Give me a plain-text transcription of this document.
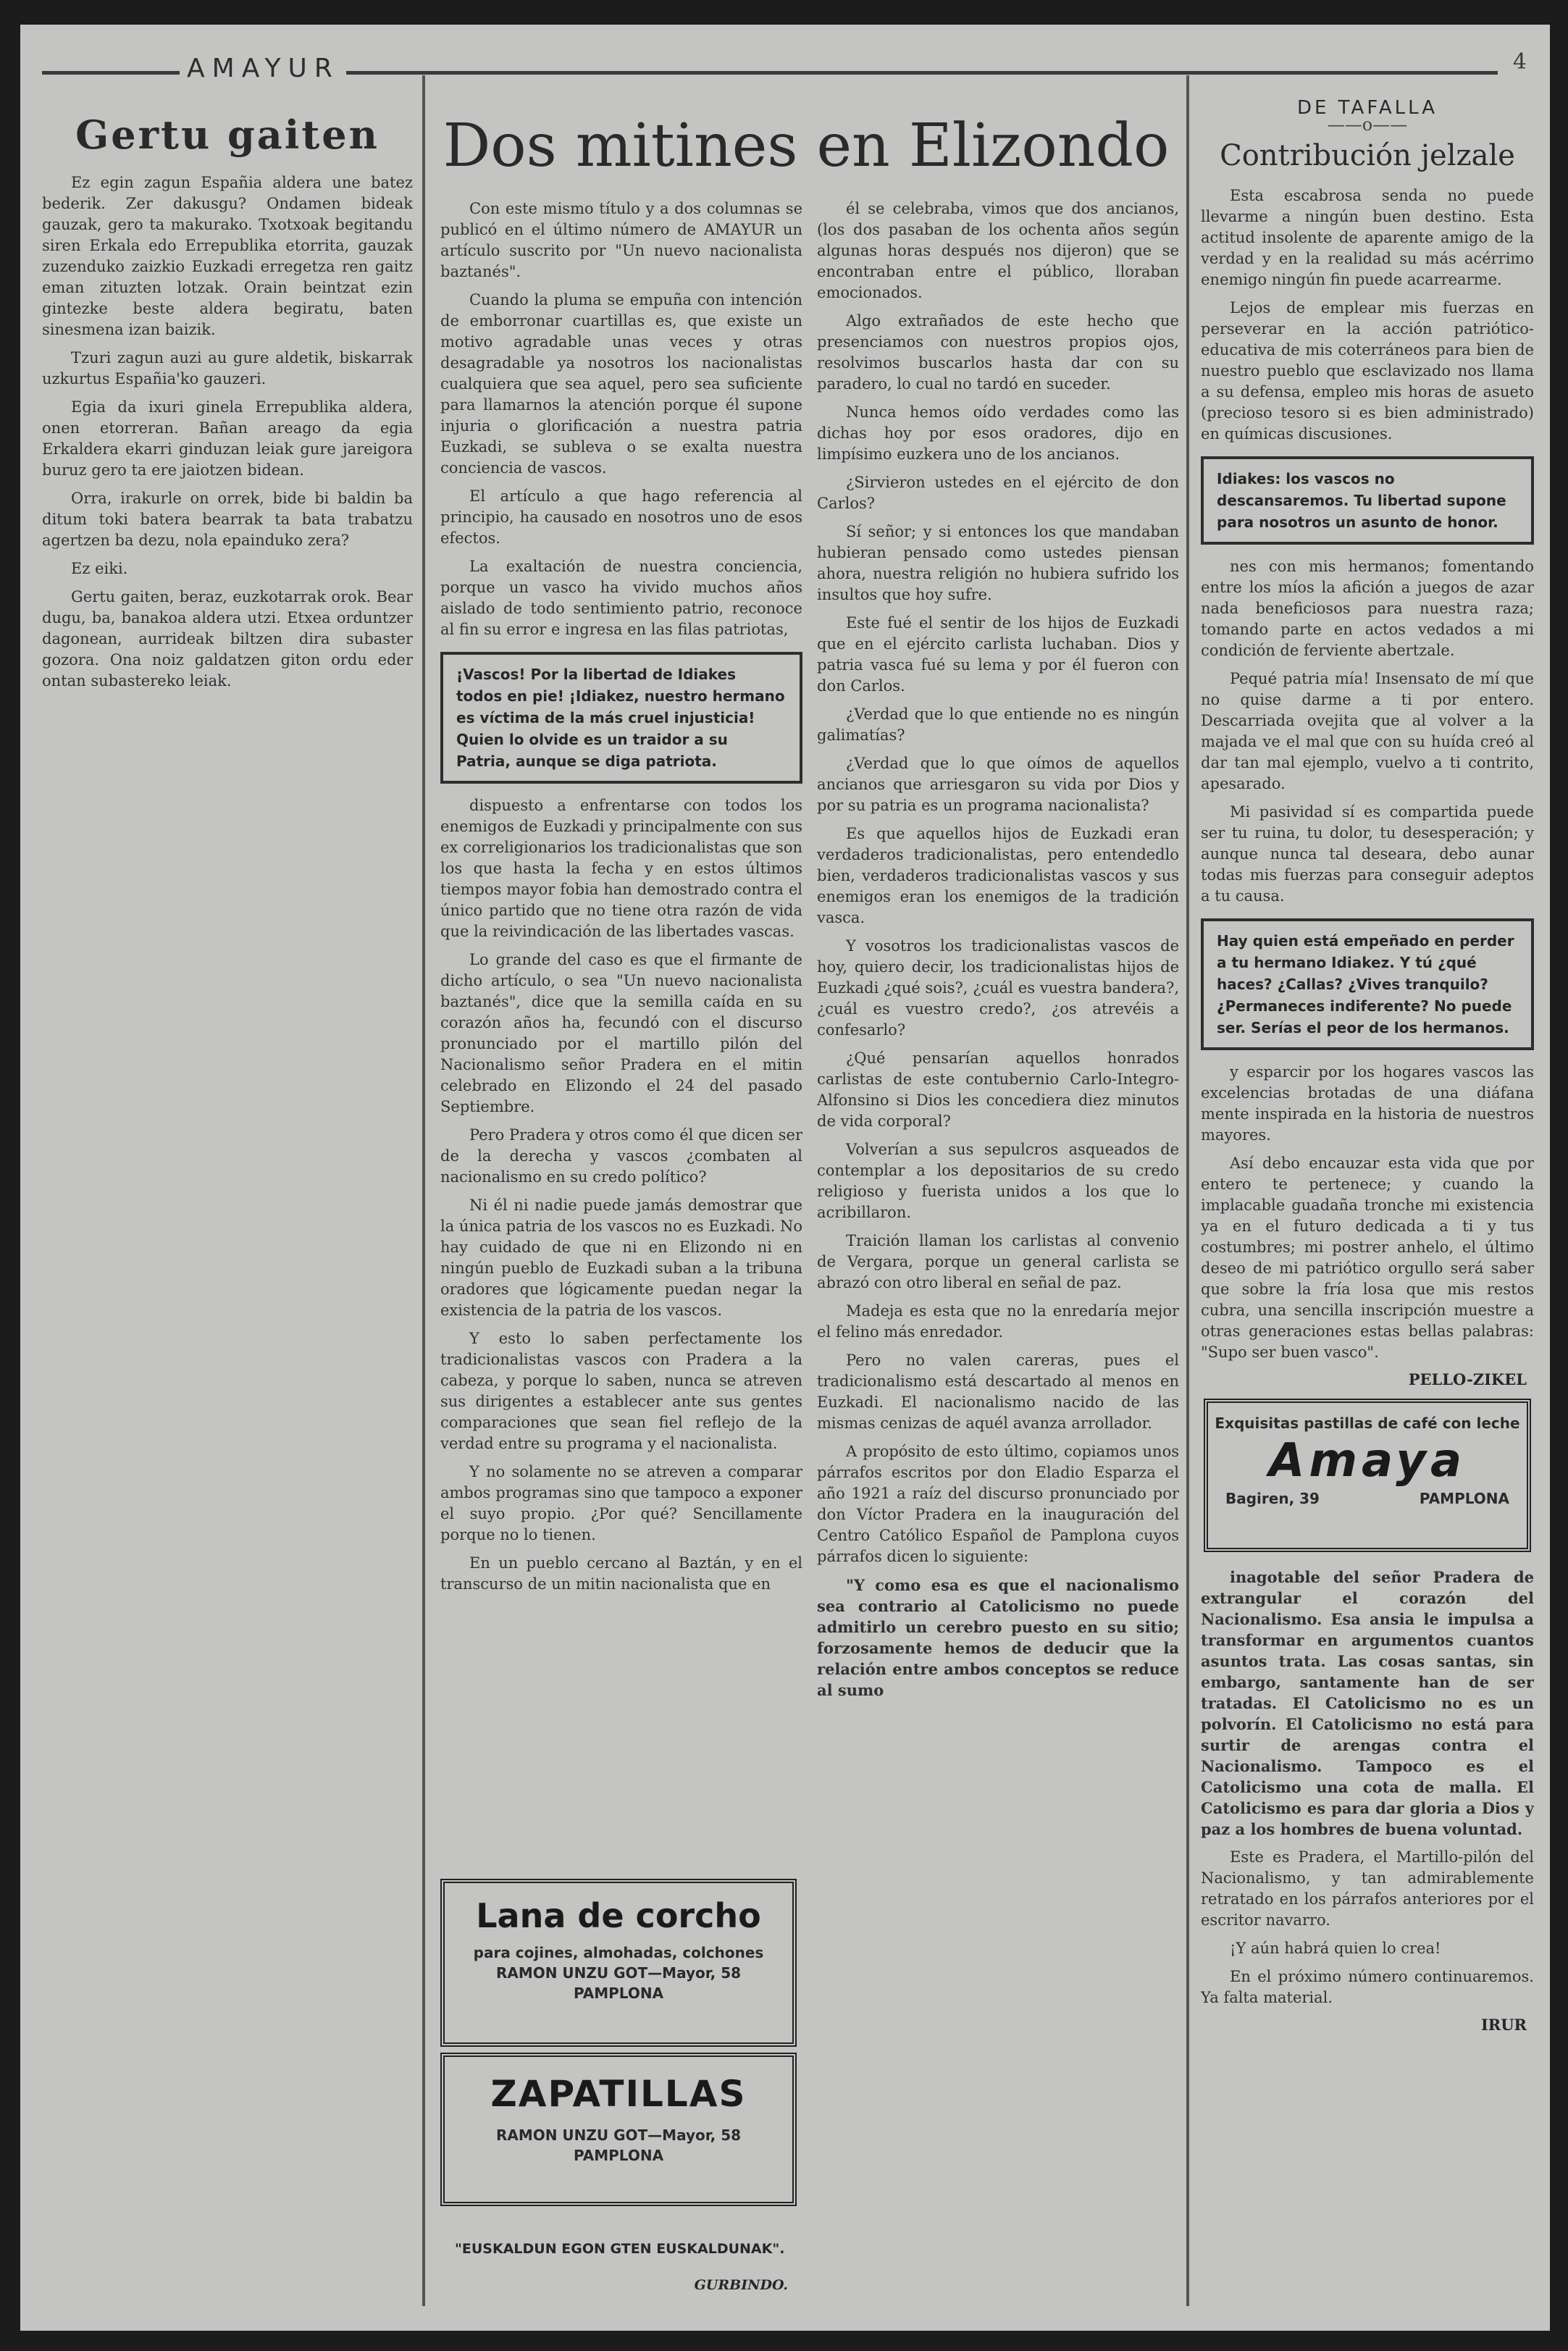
AMAYUR	4
Gertu gaiten

Ez egin zagun Españia aldera une batez bederik. Zer dakusgu? Ondamen bideak gauzak, gero ta makurako. Txotxoak begitandu siren Erkala edo Errepublika etorrita, gauzak zuzenduko zaizkio Euzkadi erregetza ren gaitz eman zituzten lotzak. Orain beintzat ezin gintezke beste aldera begiratu, baten sinesmena izan baizik.

Tzuri zagun auzi au gure aldetik, biskarrak uzkurtus Españia'ko gauzeri.

Egia da ixuri ginela Errepublika aldera, onen etorreran. Bañan areago da egia Erkaldera ekarri ginduzan leiak gure jareigora buruz gero ta ere jaiotzen bidean.

Orra, irakurle on orrek, bide bi baldin ba ditum toki batera bearrak ta bata trabatzu agertzen ba dezu, nola epainduko zera?

Ez eiki.

Gertu gaiten, beraz, euzkotarrak orok. Bear dugu, ba, banakoa aldera utzi. Etxea orduntzer dagonean, aurrideak biltzen dira subaster gozora. Ona noiz galdatzen giton ordu eder ontan subastereko leiak.

Dos mitines en Elizondo

Con este mismo título y a dos columnas se publicó en el último número de AMAYUR un artículo suscrito por "Un nuevo nacionalista baztanés".

Cuando la pluma se empuña con intención de emborronar cuartillas es, que existe un motivo agradable unas veces y otras desagradable ya nosotros los nacionalistas cualquiera que sea aquel, pero sea suficiente para llamarnos la atención porque él supone injuria o glorificación a nuestra patria Euzkadi, se subleva o se exalta nuestra conciencia de vascos.

El artículo a que hago referencia al principio, ha causado en nosotros uno de esos efectos.

La exaltación de nuestra conciencia, porque un vasco ha vivido muchos años aislado de todo sentimiento patrio, reconoce al fin su error e ingresa en las filas patriotas,

¡Vascos! Por la libertad de Idiakes todos en pie! ¡Idiakez, nuestro hermano es víctima de la más cruel injusticia! Quien lo olvide es un traidor a su Patria, aunque se diga patriota.

dispuesto a enfrentarse con todos los enemigos de Euzkadi y principalmente con sus ex correligionarios los tradicionalistas que son los que hasta la fecha y en estos últimos tiempos mayor fobia han demostrado contra el único partido que no tiene otra razón de vida que la reivindicación de las libertades vascas.

Lo grande del caso es que el firmante de dicho artículo, o sea "Un nuevo nacionalista baztanés", dice que la semilla caída en su corazón años ha, fecundó con el discurso pronunciado por el martillo pilón del Nacionalismo señor Pradera en el mitin celebrado en Elizondo el 24 del pasado Septiembre.

Pero Pradera y otros como él que dicen ser de la derecha y vascos ¿combaten al nacionalismo en su credo político?

Ni él ni nadie puede jamás demostrar que la única patria de los vascos no es Euzkadi. No hay cuidado de que ni en Elizondo ni en ningún pueblo de Euzkadi suban a la tribuna oradores que lógicamente puedan negar la existencia de la patria de los vascos.

Y esto lo saben perfectamente los tradicionalistas vascos con Pradera a la cabeza, y porque lo saben, nunca se atreven sus dirigentes a establecer ante sus gentes comparaciones que sean fiel reflejo de la verdad entre su programa y el nacionalista.

Y no solamente no se atreven a comparar ambos programas sino que tampoco a exponer el suyo propio. ¿Por qué? Sencillamente porque no lo tienen.

En un pueblo cercano al Baztán, y en el transcurso de un mitin nacionalista que en

Lana de corcho
para cojines, almohadas, colchones
RAMON UNZU GOT—Mayor, 58
PAMPLONA
ZAPATILLAS
RAMON UNZU GOT—Mayor, 58
PAMPLONA
"EUSKALDUN EGON GTEN EUSKALDUNAK".
GURBINDO.

él se celebraba, vimos que dos ancianos, (los dos pasaban de los ochenta años según algunas horas después nos dijeron) que se encontraban entre el público, lloraban emocionados.

Algo extrañados de este hecho que presenciamos con nuestros propios ojos, resolvimos buscarlos hasta dar con su paradero, lo cual no tardó en suceder.

Nunca hemos oído verdades como las dichas hoy por esos oradores, dijo en limpísimo euzkera uno de los ancianos.

¿Sirvieron ustedes en el ejército de don Carlos?

Sí señor; y si entonces los que mandaban hubieran pensado como ustedes piensan ahora, nuestra religión no hubiera sufrido los insultos que hoy sufre.

Este fué el sentir de los hijos de Euzkadi que en el ejército carlista luchaban. Dios y patria vasca fué su lema y por él fueron con don Carlos.

¿Verdad que lo que entiende no es ningún galimatías?

¿Verdad que lo que oímos de aquellos ancianos que arriesgaron su vida por Dios y por su patria es un programa nacionalista?

Es que aquellos hijos de Euzkadi eran verdaderos tradicionalistas, pero entendedlo bien, verdaderos tradicionalistas vascos y sus enemigos eran los enemigos de la tradición vasca.

Y vosotros los tradicionalistas vascos de hoy, quiero decir, los tradicionalistas hijos de Euzkadi ¿qué sois?, ¿cuál es vuestra bandera?, ¿cuál es vuestro credo?, ¿os atrevéis a confesarlo?

¿Qué pensarían aquellos honrados carlistas de este contubernio Carlo-Integro-Alfonsino si Dios les concediera diez minutos de vida corporal?

Volverían a sus sepulcros asqueados de contemplar a los depositarios de su credo religioso y fuerista unidos a los que lo acribillaron.

Traición llaman los carlistas al convenio de Vergara, porque un general carlista se abrazó con otro liberal en señal de paz.

Madeja es esta que no la enredaría mejor el felino más enredador.

Pero no valen careras, pues el tradicionalismo está descartado al menos en Euzkadi. El nacionalismo nacido de las mismas cenizas de aquél avanza arrollador.

A propósito de esto último, copiamos unos párrafos escritos por don Eladio Esparza el año 1921 a raíz del discurso pronunciado por don Víctor Pradera en la inauguración del Centro Católico Español de Pamplona cuyos párrafos dicen lo siguiente:

"Y como esa es que el nacionalismo sea contrario al Catolicismo no puede admitirlo un cerebro puesto en su sitio; forzosamente hemos de deducir que la relación entre ambos conceptos se reduce al sumo

DE TAFALLA
——o——
Contribución jelzale

Esta escabrosa senda no puede llevarme a ningún buen destino. Esta actitud insolente de aparente amigo de la verdad y en la realidad su más acérrimo enemigo ningún fin puede acarrearme.

Lejos de emplear mis fuerzas en perseverar en la acción patriótico-educativa de mis coterráneos para bien de nuestro pueblo que esclavizado nos llama a su defensa, empleo mis horas de asueto (precioso tesoro si es bien administrado) en químicas discusiones.

Idiakes: los vascos no descansaremos. Tu libertad supone para nosotros un asunto de honor.

nes con mis hermanos; fomentando entre los míos la afición a juegos de azar nada beneficiosos para nuestra raza; tomando parte en actos vedados a mi condición de ferviente abertzale.

Pequé patria mía! Insensato de mí que no quise darme a ti por entero. Descarriada ovejita que al volver a la majada ve el mal que con su huída creó al dar tan mal ejemplo, vuelvo a ti contrito, apesarado.

Mi pasividad sí es compartida puede ser tu ruina, tu dolor, tu desesperación; y aunque nunca tal deseara, debo aunar todas mis fuerzas para conseguir adeptos a tu causa.

Hay quien está empeñado en perder a tu hermano Idiakez. Y tú ¿qué haces? ¿Callas? ¿Vives tranquilo? ¿Permaneces indiferente? No puede ser. Serías el peor de los hermanos.

y esparcir por los hogares vascos las excelencias brotadas de una diáfana mente inspirada en la historia de nuestros mayores.

Así debo encauzar esta vida que por entero te pertenece; y cuando la implacable guadaña tronche mi existencia ya en el futuro dedicada a ti y tus costumbres; mi postrer anhelo, el último deseo de mi patriótico orgullo será saber que sobre la fría losa que mis restos cubra, una sencilla inscripción muestre a otras generaciones estas bellas palabras: "Supo ser buen vasco".

PELLO-ZIKEL
Exquisitas pastillas de café con leche
Amaya
Bagiren, 39	PAMPLONA

inagotable del señor Pradera de extrangular el corazón del Nacionalismo. Esa ansia le impulsa a transformar en argumentos cuantos asuntos trata. Las cosas santas, sin embargo, santamente han de ser tratadas. El Catolicismo no es un polvorín. El Catolicismo no está para surtir de arengas contra el Nacionalismo. Tampoco es el Catolicismo una cota de malla. El Catolicismo es para dar gloria a Dios y paz a los hombres de buena voluntad.

Este es Pradera, el Martillo-pilón del Nacionalismo, y tan admirablemente retratado en los párrafos anteriores por el escritor navarro.

¡Y aún habrá quien lo crea!

En el próximo número continuaremos. Ya falta material.

IRUR
